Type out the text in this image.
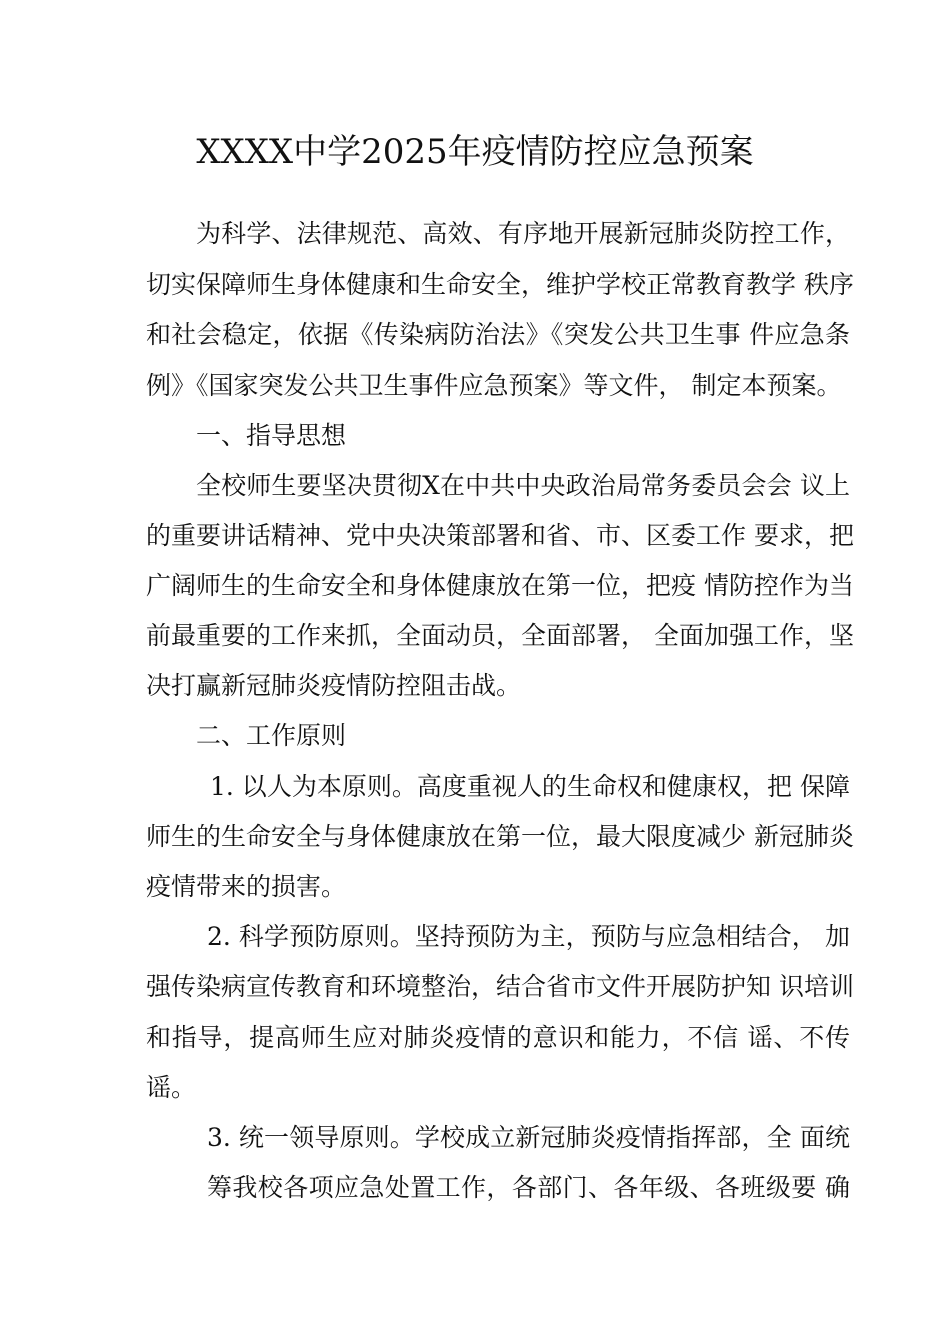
XXXX中学2025年疫情防控应急预案
为科学、法律规范、高效、有序地开展新冠肺炎防控工作，
切实保障师生身体健康和生命安全，维护学校正常教育教学 秩序
和社会稳定，依据《传染病防治法》《突发公共卫生事 件应急条
例》《国家突发公共卫生事件应急预案》等文件， 制定本预案。
一、指导思想
全校师生要坚决贯彻X在中共中央政治局常务委员会会 议上
的重要讲话精神、党中央决策部署和省、市、区委工作 要求，把
广阔师生的生命安全和身体健康放在第一位，把疫 情防控作为当
前最重要的工作来抓，全面动员，全面部署， 全面加强工作，坚
决打赢新冠肺炎疫情防控阻击战。
二、工作原则
1. 以人为本原则。高度重视人的生命权和健康权，把 保障
师生的生命安全与身体健康放在第一位，最大限度减少 新冠肺炎
疫情带来的损害。
2. 科学预防原则。坚持预防为主，预防与应急相结合， 加
强传染病宣传教育和环境整治，结合省市文件开展防护知 识培训
和指导，提高师生应对肺炎疫情的意识和能力，不信 谣、不传
谣。
3. 统一领导原则。学校成立新冠肺炎疫情指挥部，全 面统
筹我校各项应急处置工作，各部门、各年级、各班级要 确
